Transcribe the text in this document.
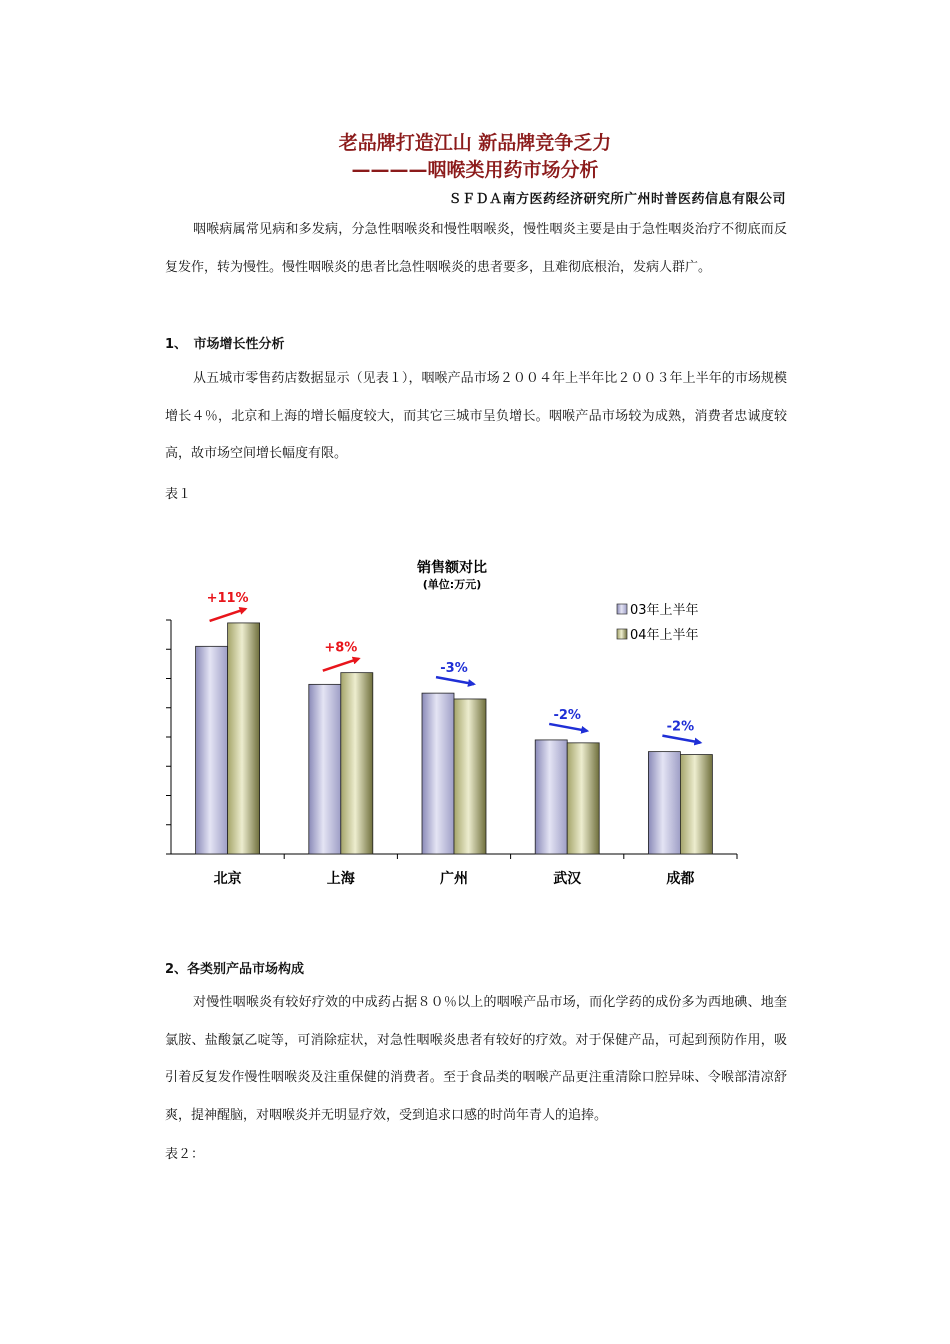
老品牌打造江山 新品牌竞争乏力
————咽喉类用药市场分析
ＳＦＤＡ南方医药经济研究所广州时普医药信息有限公司
咽喉病属常见病和多发病，分急性咽喉炎和慢性咽喉炎，慢性咽炎主要是由于急性咽炎治疗不彻底而反复发作，转为慢性。慢性咽喉炎的患者比急性咽喉炎的患者要多，且难彻底根治，发病人群广。
1、　市场增长性分析
从五城市零售药店数据显示（见表１），咽喉产品市场２００４年上半年比２００３年上半年的市场规模增长４％，北京和上海的增长幅度较大，而其它三城市呈负增长。咽喉产品市场较为成熟，消费者忠诚度较高，故市场空间增长幅度有限。
表１
销售额对比
(单位:万元)
03年上半年
04年上半年
北京
+11%
上海
+8%
广州
-3%
武汉
-2%
成都
-2%
2、各类别产品市场构成
对慢性咽喉炎有较好疗效的中成药占据８０％以上的咽喉产品市场，而化学药的成份多为西地碘、地奎氯胺、盐酸氯乙啶等，可消除症状，对急性咽喉炎患者有较好的疗效。对于保健产品，可起到预防作用，吸引着反复发作慢性咽喉炎及注重保健的消费者。至于食品类的咽喉产品更注重清除口腔异味、令喉部清凉舒爽，提神醒脑，对咽喉炎并无明显疗效，受到追求口感的时尚年青人的追捧。
表２：
